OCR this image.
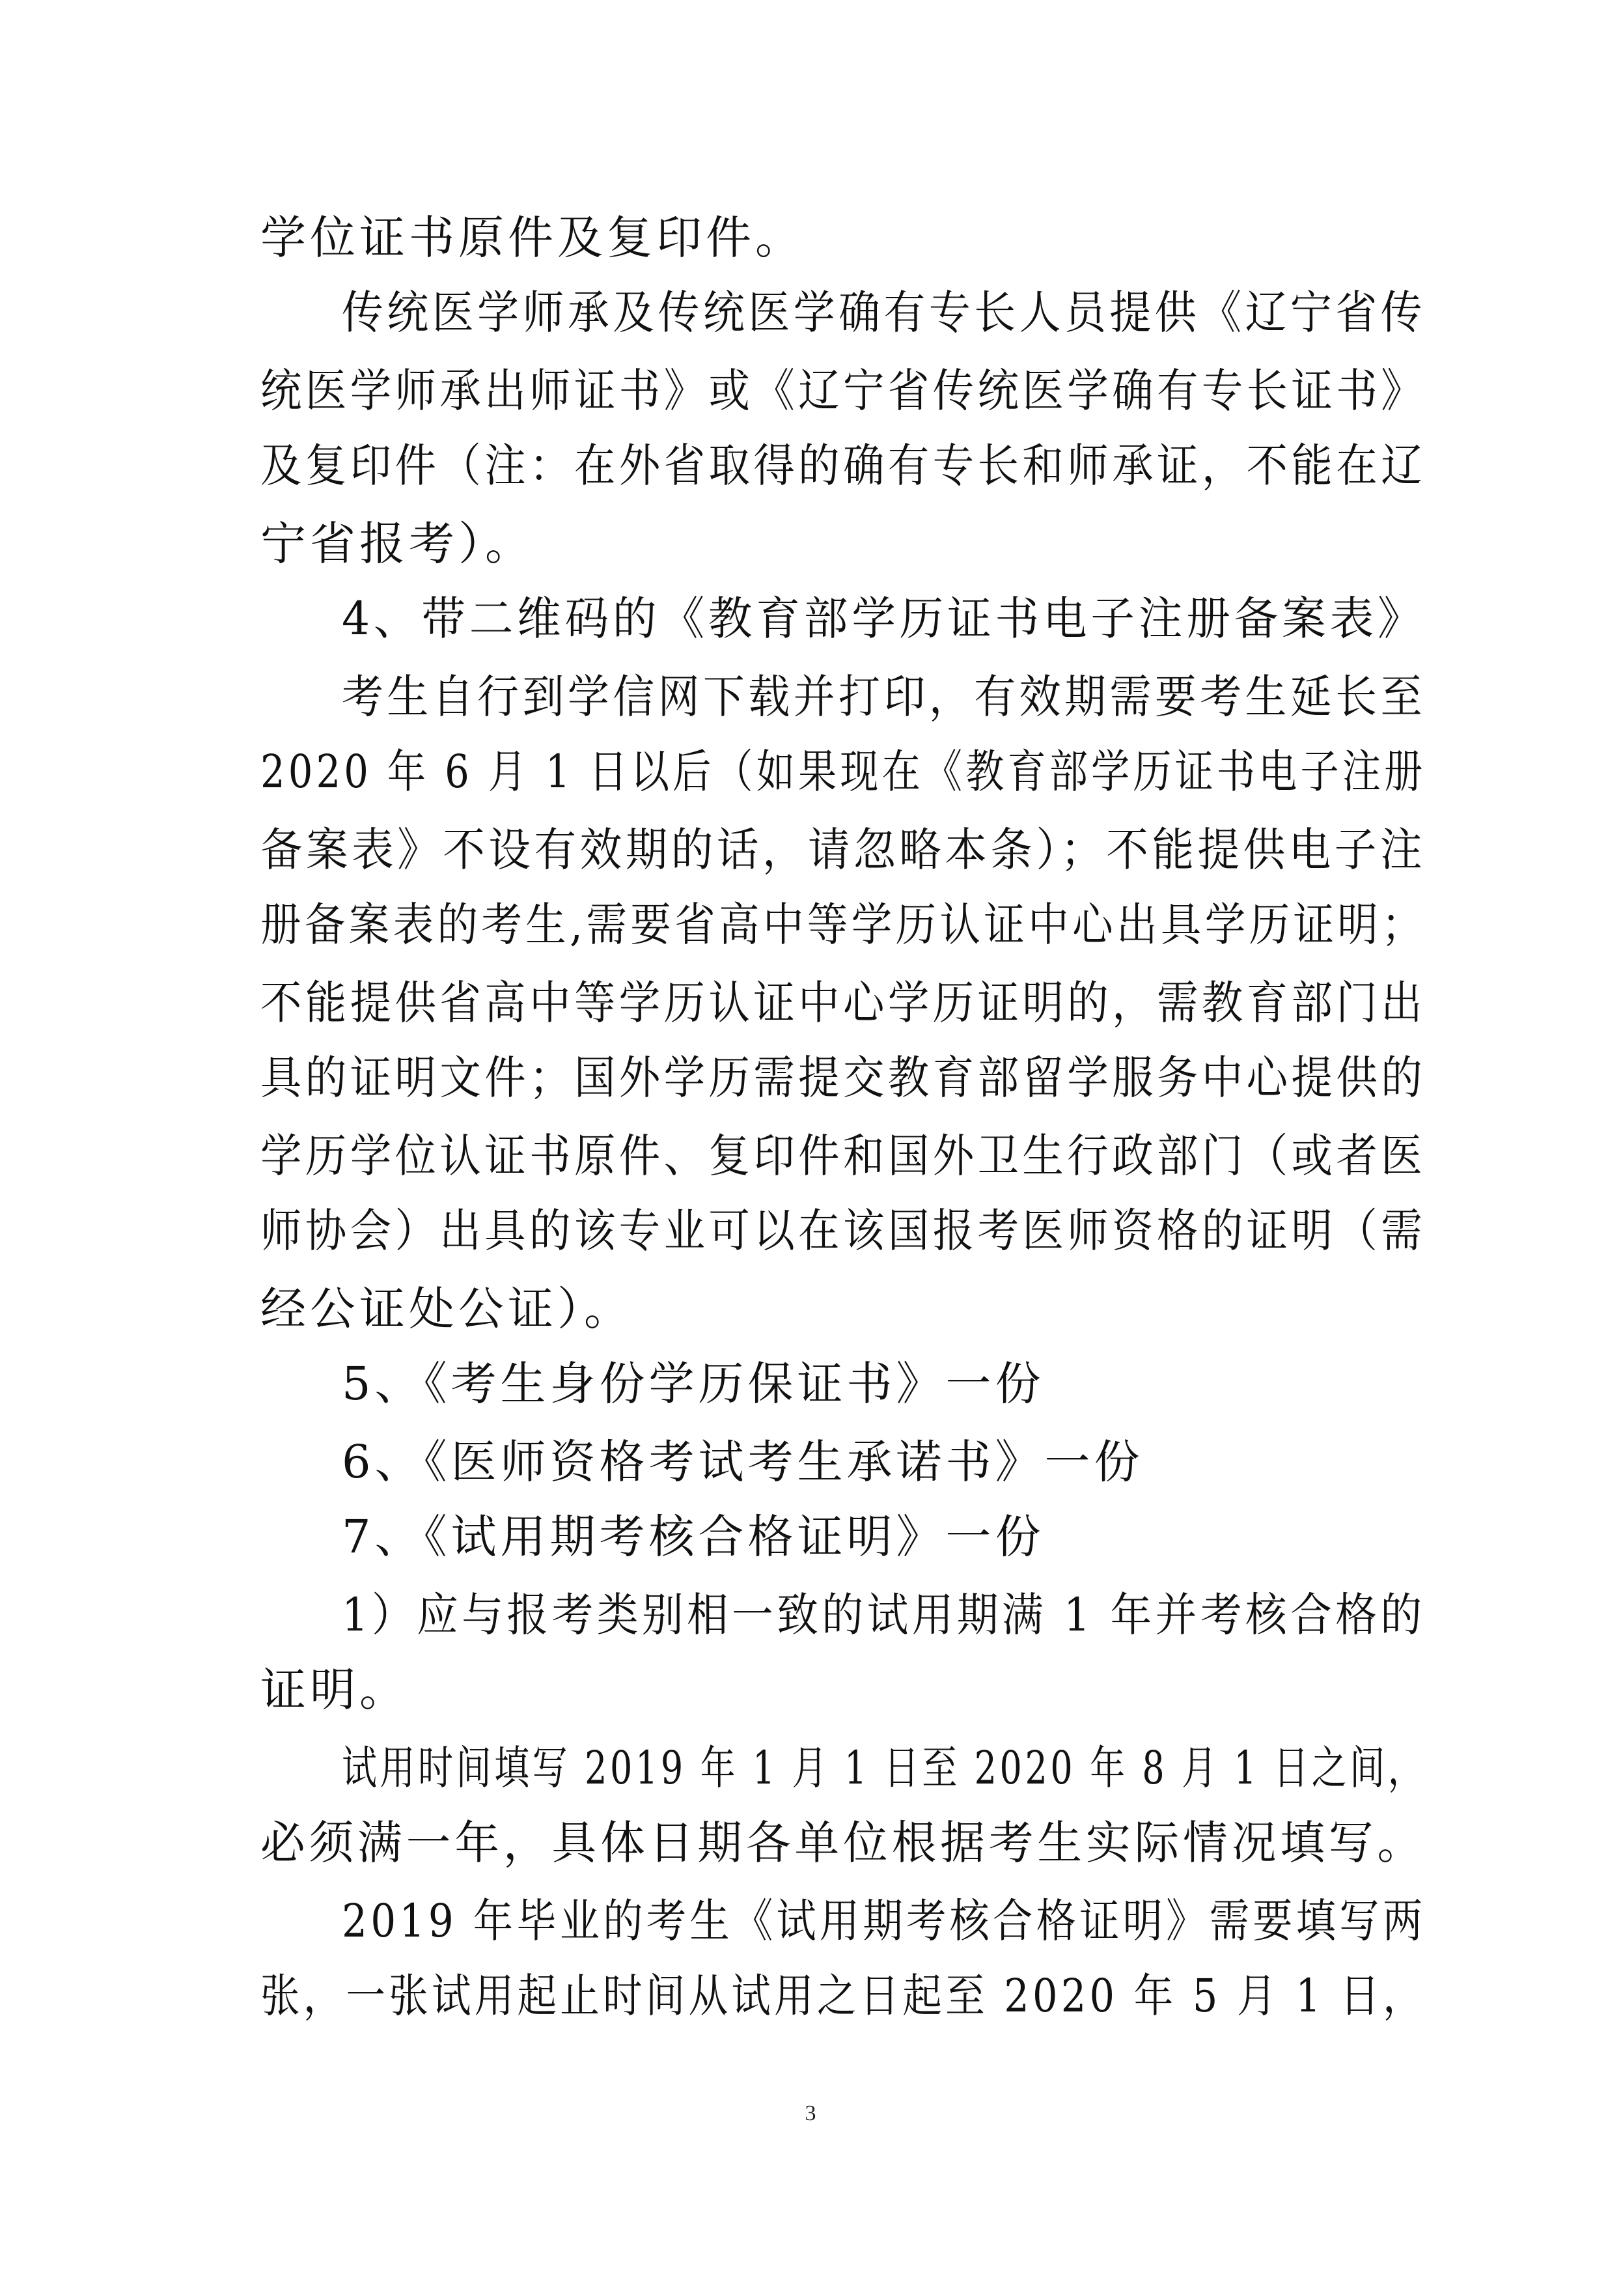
学位证书原件及复印件。
传统医学师承及传统医学确有专长人员提供《辽宁省传
统医学师承出师证书》或《辽宁省传统医学确有专长证书》
及复印件（注：在外省取得的确有专长和师承证，不能在辽
宁省报考）。
4、带二维码的《教育部学历证书电子注册备案表》
考生自行到学信网下载并打印，有效期需要考生延长至
2020 年 6 月 1 日以后（如果现在《教育部学历证书电子注册
备案表》不设有效期的话，请忽略本条）；不能提供电子注
册备案表的考生,需要省高中等学历认证中心出具学历证明；
不能提供省高中等学历认证中心学历证明的，需教育部门出
具的证明文件；国外学历需提交教育部留学服务中心提供的
学历学位认证书原件、复印件和国外卫生行政部门（或者医
师协会）出具的该专业可以在该国报考医师资格的证明（需
经公证处公证）。
5、《考生身份学历保证书》一份
6、《医师资格考试考生承诺书》一份
7、《试用期考核合格证明》一份
1）应与报考类别相一致的试用期满 1 年并考核合格的
证明。
试用时间填写 2019 年 1 月 1 日至 2020 年 8 月 1 日之间，
必须满一年，具体日期各单位根据考生实际情况填写。
2019 年毕业的考生《试用期考核合格证明》需要填写两
张，一张试用起止时间从试用之日起至 2020 年 5 月 1 日，
3
